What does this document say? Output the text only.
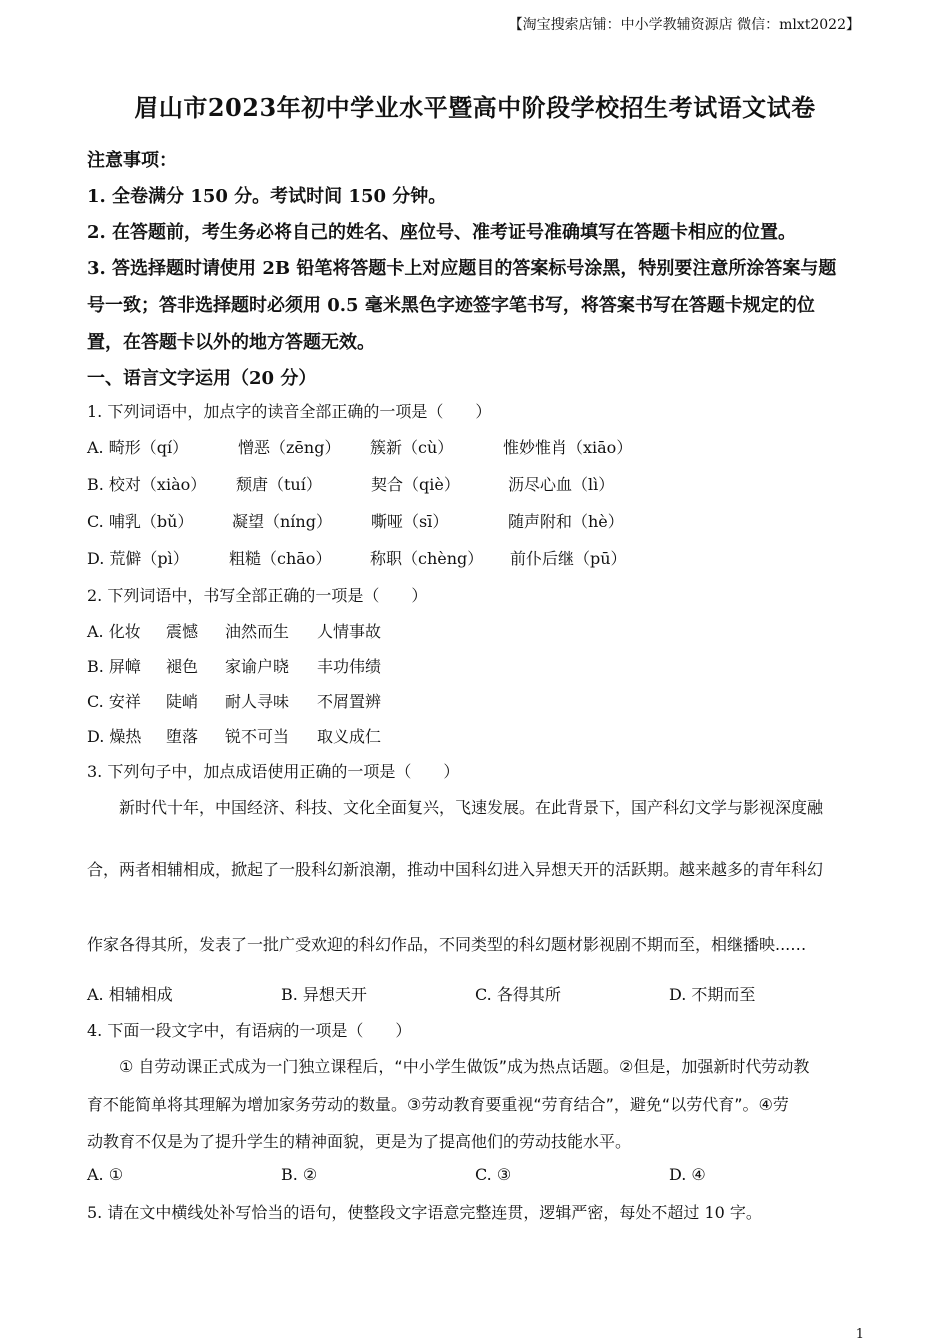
【淘宝搜索店铺：中小学教辅资源店 微信：mlxt2022】
眉山市2023年初中学业水平暨高中阶段学校招生考试语文试卷
注意事项：
1. 全卷满分 150 分。考试时间 150 分钟。
2. 在答题前，考生务必将自己的姓名、座位号、准考证号准确填写在答题卡相应的位置。
3. 答选择题时请使用 2B 铅笔将答题卡上对应题目的答案标号涂黑，特别要注意所涂答案与题
号一致；答非选择题时必须用 0.5 毫米黑色字迹签字笔书写，将答案书写在答题卡规定的位
置，在答题卡以外的地方答题无效。
一、语言文字运用（20 分）
1. 下列词语中，加点字的读音全部正确的一项是（　　）
A. 畸形（qí）	憎恶（zēng） 簇新（cù）	惟妙惟肖（xiāo）
B. 校对（xiào） 颓唐（tuí）	契合（qiè）	沥尽心血（lì）
C. 哺乳（bǔ） 凝望（níng） 嘶哑（sī）	随声附和（hè）
D. 荒僻（pì）	粗糙（chāo） 称职（chèng） 前仆后继（pū）
2. 下列词语中，书写全部正确的一项是（　　）
A. 化妆 震憾 油然而生 人情事故
B. 屏幛 褪色 家谕户晓 丰功伟绩
C. 安祥 陡峭 耐人寻味 不屑置辨
D. 燥热 堕落 锐不可当 取义成仁
3. 下列句子中，加点成语使用正确的一项是（　　）
新时代十年，中国经济、科技、文化全面复兴，飞速发展。在此背景下，国产科幻文学与影视深度融
合，两者相辅相成，掀起了一股科幻新浪潮，推动中国科幻进入异想天开的活跃期。越来越多的青年科幻
作家各得其所，发表了一批广受欢迎的科幻作品，不同类型的科幻题材影视剧不期而至，相继播映...…
A. 相辅相成	B. 异想天开	C. 各得其所	D. 不期而至
4. 下面一段文字中，有语病的一项是（　　）
① 自劳动课正式成为一门独立课程后，“中小学生做饭”成为热点话题。②但是，加强新时代劳动教
育不能简单将其理解为增加家务劳动的数量。③劳动教育要重视“劳育结合”，避免“以劳代育”。④劳
动教育不仅是为了提升学生的精神面貌，更是为了提高他们的劳动技能水平。
A. ①	B. ②	C. ③	D. ④
5. 请在文中横线处补写恰当的语句，使整段文字语意完整连贯，逻辑严密，每处不超过 10 字。
1
